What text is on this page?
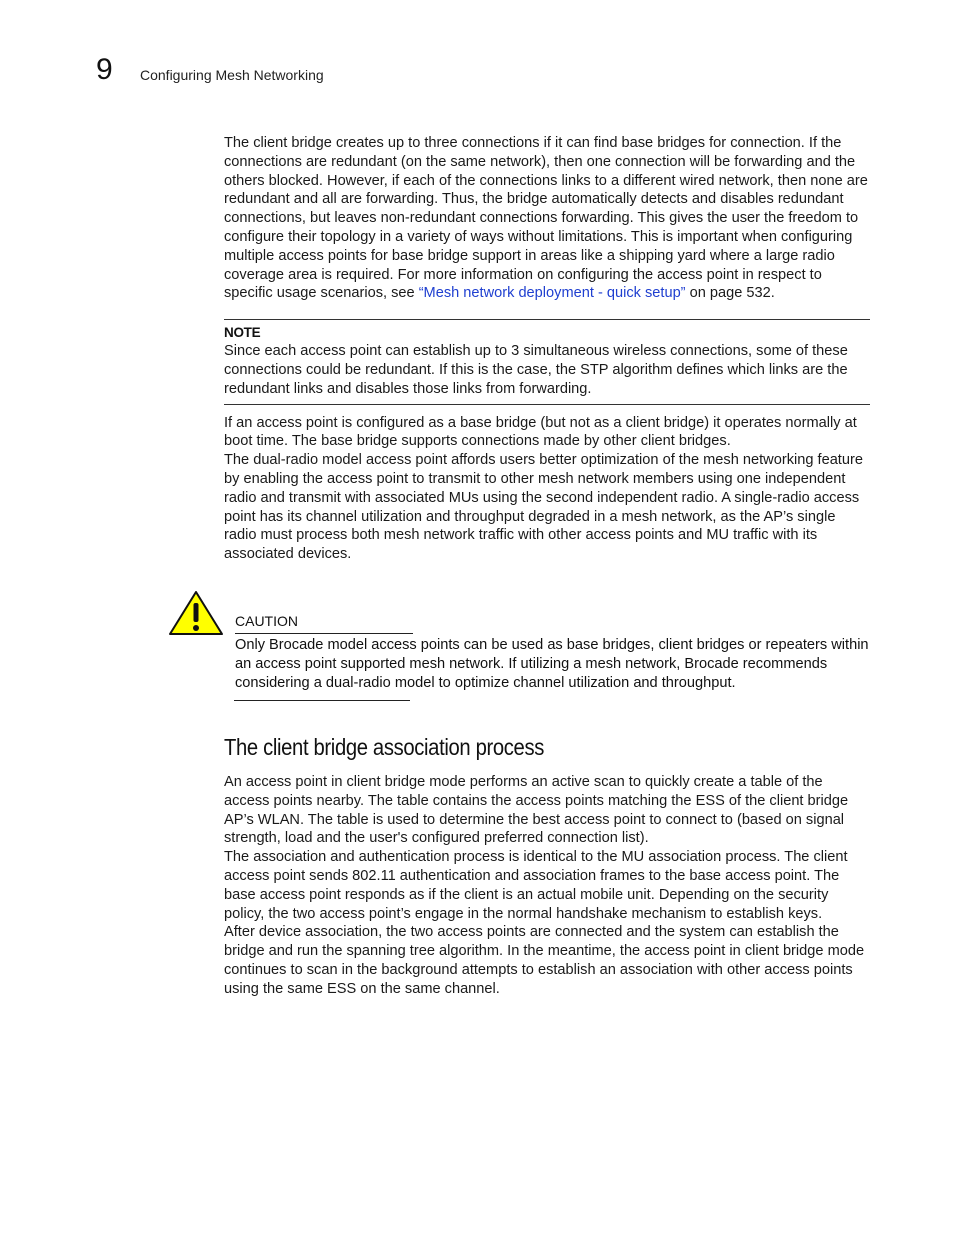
9 Configuring Mesh Networking

The client bridge creates up to three connections if it can find base bridges for connection. If the connections are redundant (on the same network), then one connection will be forwarding and the others blocked. However, if each of the connections links to a different wired network, then none are redundant and all are forwarding. Thus, the bridge automatically detects and disables redundant connections, but leaves non-redundant connections forwarding. This gives the user the freedom to configure their topology in a variety of ways without limitations. This is important when configuring multiple access points for base bridge support in areas like a shipping yard where a large radio coverage area is required. For more information on configuring the access point in respect to specific usage scenarios, see “Mesh network deployment - quick setup” on page 532.

NOTE

Since each access point can establish up to 3 simultaneous wireless connections, some of these connections could be redundant. If this is the case, the STP algorithm defines which links are the redundant links and disables those links from forwarding.

If an access point is configured as a base bridge (but not as a client bridge) it operates normally at boot time. The base bridge supports connections made by other client bridges.

The dual-radio model access point affords users better optimization of the mesh networking feature by enabling the access point to transmit to other mesh network members using one independent radio and transmit with associated MUs using the second independent radio. A single-radio access point has its channel utilization and throughput degraded in a mesh network, as the AP’s single radio must process both mesh network traffic with other access points and MU traffic with its associated devices.

CAUTION
Only Brocade model access points can be used as base bridges, client bridges or repeaters within an access point supported mesh network. If utilizing a mesh network, Brocade recommends considering a dual-radio model to optimize channel utilization and throughput.
The client bridge association process

An access point in client bridge mode performs an active scan to quickly create a table of the access points nearby. The table contains the access points matching the ESS of the client bridge AP’s WLAN. The table is used to determine the best access point to connect to (based on signal strength, load and the user's configured preferred connection list).

The association and authentication process is identical to the MU association process. The client access point sends 802.11 authentication and association frames to the base access point. The base access point responds as if the client is an actual mobile unit. Depending on the security policy, the two access point’s engage in the normal handshake mechanism to establish keys.

After device association, the two access points are connected and the system can establish the bridge and run the spanning tree algorithm. In the meantime, the access point in client bridge mode continues to scan in the background attempts to establish an association with other access points using the same ESS on the same channel.
